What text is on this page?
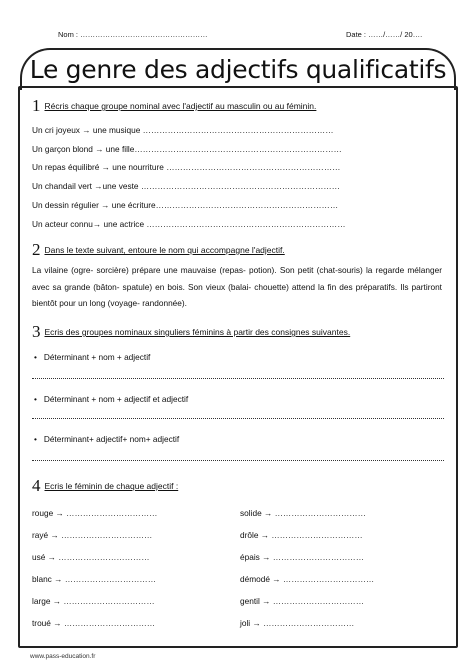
Nom : ……………………………………………	Date : ……/……/ 20….
Le genre des adjectifs qualificatifs
1 Récris chaque groupe nominal avec l'adjectif au masculin ou au féminin.
Un cri joyeux → une musique ……………………………………………………………
Un garçon blond → une fille…………………………………………………………………
Un repas équilibré → une nourriture ………………………………………………………
Un chandail vert →une veste ………………………………………………………………
Un dessin régulier → une écriture…………………………………………………………
Un acteur connu→ une actrice ………………………………………………………………
2 Dans le texte suivant, entoure le nom qui accompagne l'adjectif.
La vilaine (ogre- sorcière) prépare une mauvaise (repas- potion). Son petit (chat-souris) la regarde mélanger avec sa grande (bâton- spatule) en bois. Son vieux (balai- chouette) attend la fin des préparatifs. Ils partiront bientôt pour un long (voyage- randonnée).
3 Ecris des groupes nominaux singuliers féminins à partir des consignes suivantes.
•   Déterminant + nom + adjectif
•   Déterminant + nom + adjectif et adjectif
•   Déterminant+ adjectif+ nom+ adjectif
4 Ecris le féminin de chaque adjectif :
rouge → ……………………………
rayé → ……………………………
usé → ……………………………
blanc → ……………………………
large → ……………………………
troué → ……………………………
solide → ……………………………
drôle → ……………………………
épais → ……………………………
démodé → ……………………………
gentil → ……………………………
joli → ……………………………
www.pass-education.fr
